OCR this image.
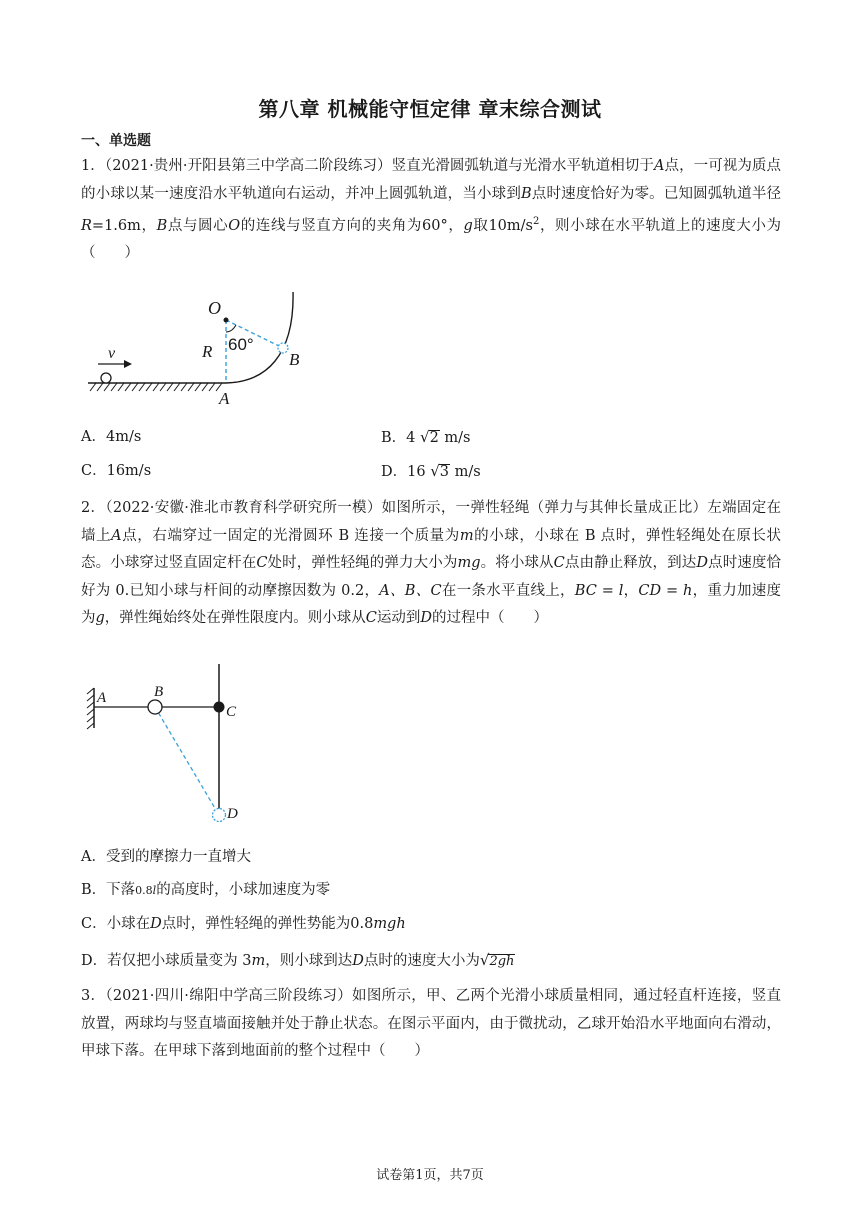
第八章 机械能守恒定律 章末综合测试
一、单选题
1．（2021·贵州·开阳县第三中学高二阶段练习）竖直光滑圆弧轨道与光滑水平轨道相切于A点，一可视为质点的小球以某一速度沿水平轨道向右运动，并冲上圆弧轨道，当小球到B点时速度恰好为零。已知圆弧轨道半径R=1.6m，B点与圆心O的连线与竖直方向的夹角为60°，g取$10m/s^2$，则小球在水平轨道上的速度大小为（　　）
v
O
R 60°
B
A
A．4m/s	B．4 √2 m/s
C．16m/s	D．16 √3 m/s
2．（2022·安徽·淮北市教育科学研究所一模）如图所示，一弹性轻绳（弹力与其伸长量成正比）左端固定在墙上A点，右端穿过一固定的光滑圆环 B 连接一个质量为m的小球，小球在 B 点时，弹性轻绳处在原长状态。小球穿过竖直固定杆在C处时，弹性轻绳的弹力大小为mg。将小球从C点由静止释放，到达D点时速度恰好为 0.已知小球与杆间的动摩擦因数为 0.2，A、B、C在一条水平直线上，BC = l，CD = h，重力加速度为g，弹性绳始终处在弹性限度内。则小球从C运动到D的过程中（　　）
A	B
C
D
A．受到的摩擦力一直增大
B．下落0.8l的高度时，小球加速度为零
C．小球在D点时，弹性轻绳的弹性势能为0.8mgh
D．若仅把小球质量变为 3m，则小球到达D点时的速度大小为√2gh
3．（2021·四川·绵阳中学高三阶段练习）如图所示，甲、乙两个光滑小球质量相同，通过轻直杆连接，竖直放置，两球均与竖直墙面接触并处于静止状态。在图示平面内，由于微扰动，乙球开始沿水平地面向右滑动，甲球下落。在甲球下落到地面前的整个过程中（　　）
试卷第1页，共7页
